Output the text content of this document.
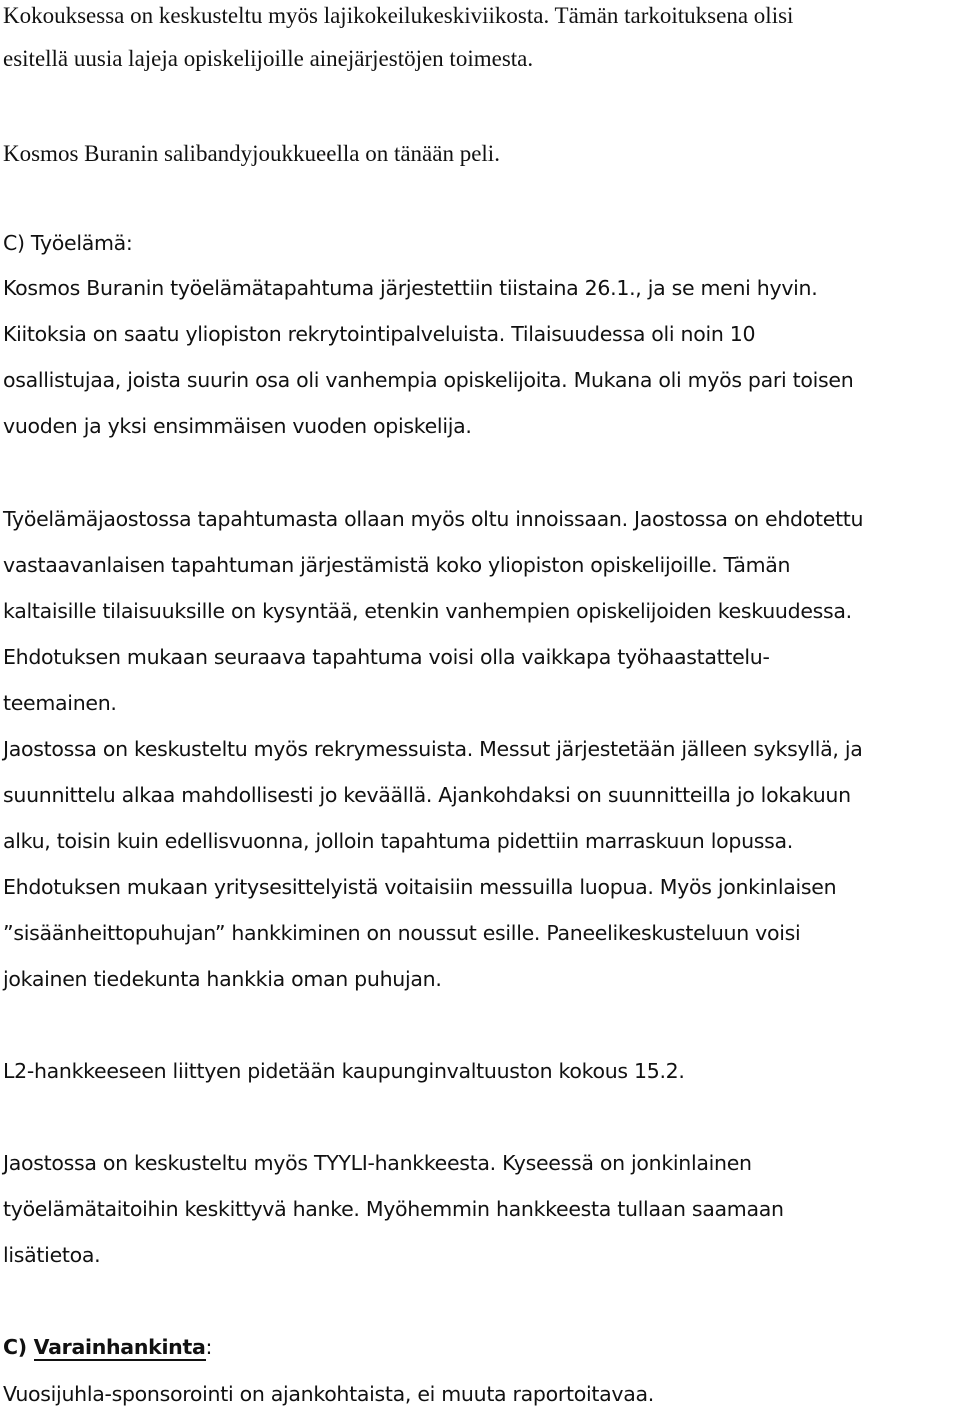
Kokouksessa on keskusteltu myös lajikokeilukeskiviikosta. Tämän tarkoituksena olisi
esitellä uusia lajeja opiskelijoille ainejärjestöjen toimesta.
Kosmos Buranin salibandyjoukkueella on tänään peli.
C) Työelämä:
Kosmos Buranin työelämätapahtuma järjestettiin tiistaina 26.1., ja se meni hyvin.
Kiitoksia on saatu yliopiston rekrytointipalveluista. Tilaisuudessa oli noin 10
osallistujaa, joista suurin osa oli vanhempia opiskelijoita. Mukana oli myös pari toisen
vuoden ja yksi ensimmäisen vuoden opiskelija.
Työelämäjaostossa tapahtumasta ollaan myös oltu innoissaan. Jaostossa on ehdotettu
vastaavanlaisen tapahtuman järjestämistä koko yliopiston opiskelijoille. Tämän
kaltaisille tilaisuuksille on kysyntää, etenkin vanhempien opiskelijoiden keskuudessa.
Ehdotuksen mukaan seuraava tapahtuma voisi olla vaikkapa työhaastattelu-
teemainen.
Jaostossa on keskusteltu myös rekrymessuista. Messut järjestetään jälleen syksyllä, ja
suunnittelu alkaa mahdollisesti jo keväällä. Ajankohdaksi on suunnitteilla jo lokakuun
alku, toisin kuin edellisvuonna, jolloin tapahtuma pidettiin marraskuun lopussa.
Ehdotuksen mukaan yritysesittelyistä voitaisiin messuilla luopua. Myös jonkinlaisen
”sisäänheittopuhujan” hankkiminen on noussut esille. Paneelikeskusteluun voisi
jokainen tiedekunta hankkia oman puhujan.
L2-hankkeeseen liittyen pidetään kaupunginvaltuuston kokous 15.2.
Jaostossa on keskusteltu myös TYYLI-hankkeesta. Kyseessä on jonkinlainen
työelämätaitoihin keskittyvä hanke. Myöhemmin hankkeesta tullaan saamaan
lisätietoa.
C) Varainhankinta:
Vuosijuhla-sponsorointi on ajankohtaista, ei muuta raportoitavaa.
